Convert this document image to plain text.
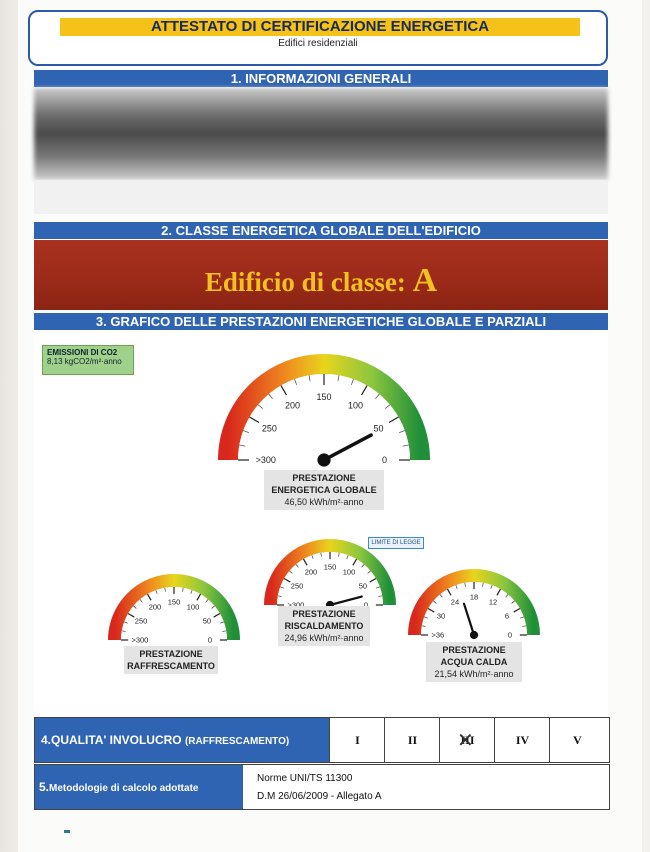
ATTESTATO DI CERTIFICAZIONE ENERGETICA
Edifici residenziali
1. INFORMAZIONI GENERALI
2. CLASSE ENERGETICA GLOBALE DELL'EDIFICIO
Edificio di classe: A
3. GRAFICO DELLE PRESTAZIONI ENERGETICHE GLOBALE E PARZIALI
>300
250
200
150
100
50
0
>300
250
200
150
100
50
0
250
200
150
100
50
>36
30
24
18
12
6
0
EMISSIONI DI CO2
8,13 kgCO2/m²·anno
PRESTAZIONE
ENERGETICA GLOBALE
46,50 kWh/m²·anno
LIMITE DI LEGGE
PRESTAZIONE
RISCALDAMENTO
24,96 kWh/m²·anno
PRESTAZIONE
RAFFRESCAMENTO
PRESTAZIONE
ACQUA CALDA
21,54 kWh/m²·anno
4.QUALITA' INVOLUCRO (RAFFRESCAMENTO)	I	II	III ✕	IV	V
5.Metodologie di calcolo adottate
Norme UNI/TS 11300
D.M 26/06/2009 - Allegato A
